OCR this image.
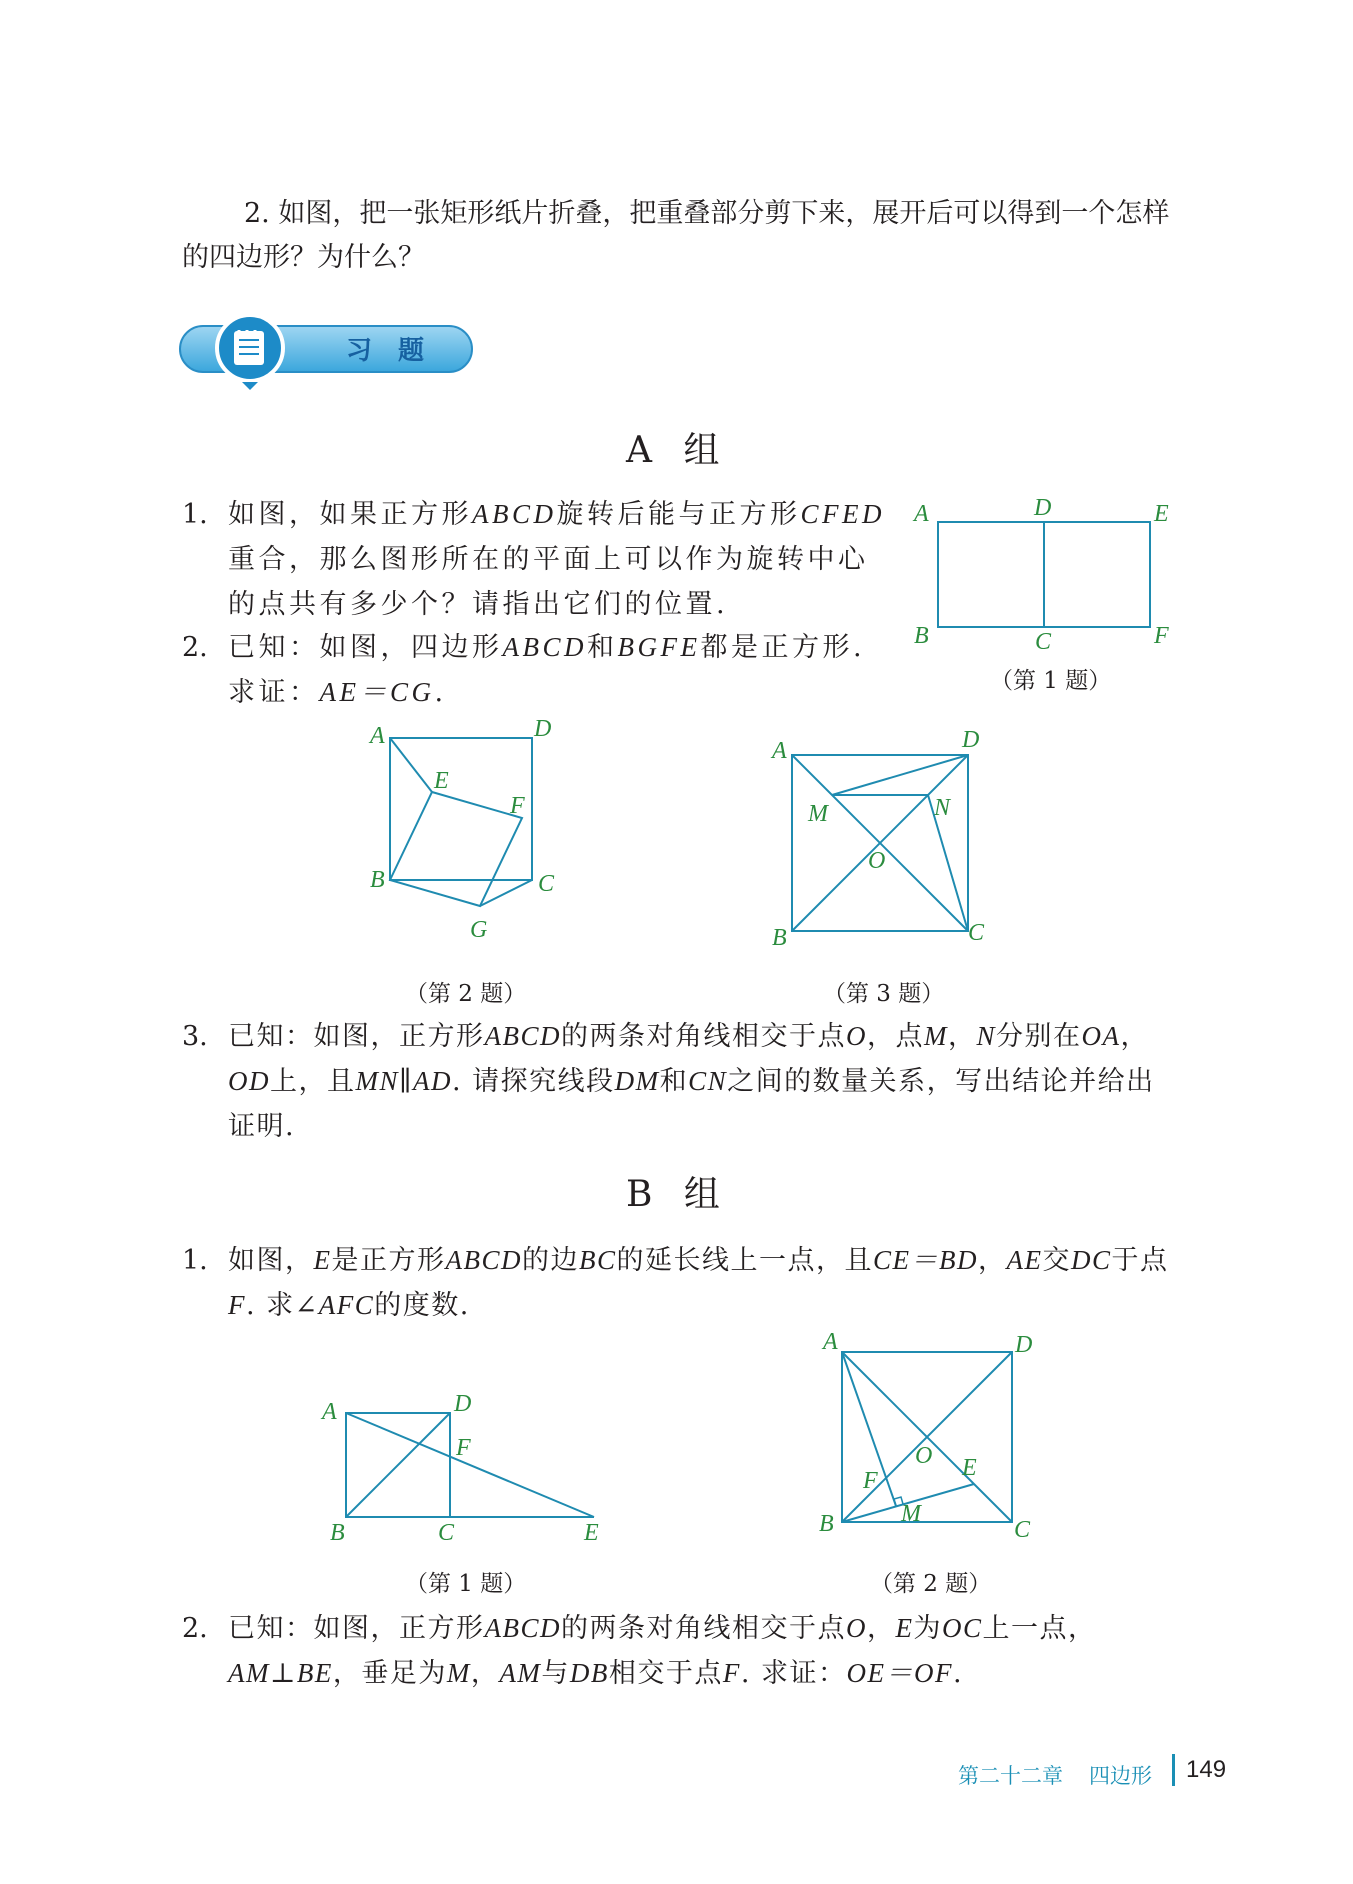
2. 如图，把一张矩形纸片折叠，把重叠部分剪下来，展开后可以得到一个怎样的四边形？为什么？
习　题
A 组
1. 如图，如果正方形ABCD旋转后能与正方形CFED重合，那么图形所在的平面上可以作为旋转中心的点共有多少个？请指出它们的位置.
2. 已知：如图，四边形ABCD和BGFE都是正方形. 求证：AE＝CG.
A	D	E
B	C	F
（第 1 题）
A	D
E
F
B	C
G
（第 2 题）
A	D
M	N
O
B	C
（第 3 题）
3. 已知：如图，正方形ABCD的两条对角线相交于点O，点M，N分别在OA，OD上，且MN∥AD. 请探究线段DM和CN之间的数量关系，写出结论并给出证明.
B 组
1. 如图，E是正方形ABCD的边BC的延长线上一点，且CE＝BD，AE交DC于点F. 求∠AFC的度数.
A	D
F
B	C	E
（第 1 题）
A	D
O E
F
M
B	C
（第 2 题）
2. 已知：如图，正方形ABCD的两条对角线相交于点O，E为OC上一点，AM⊥BE，垂足为M，AM与DB相交于点F. 求证：OE＝OF.
第二十二章 四边形 149
